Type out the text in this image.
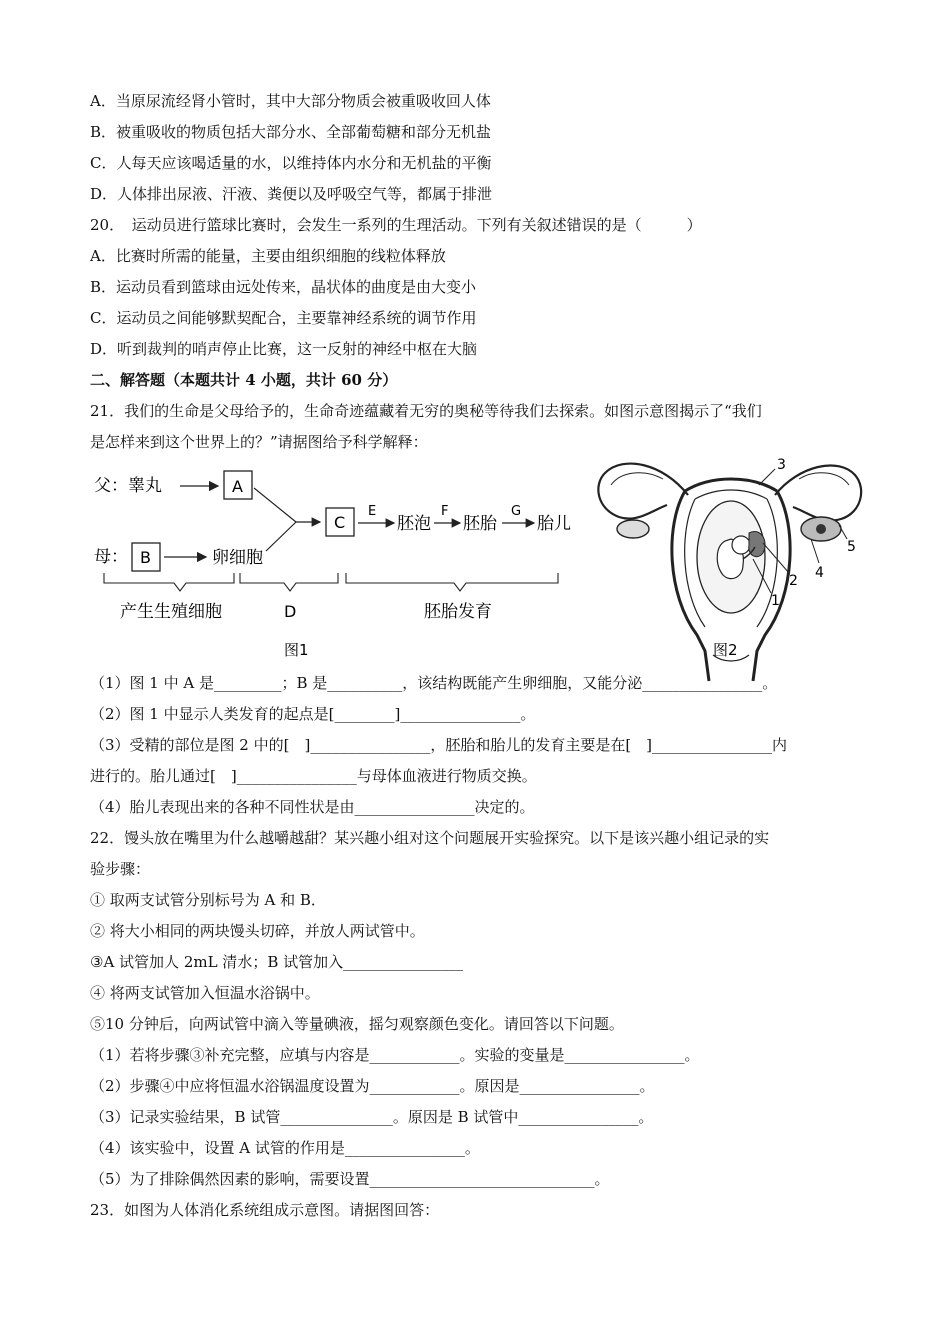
A．当原尿流经肾小管时，其中大部分物质会被重吸收回人体
B．被重吸收的物质包括大部分水、全部葡萄糖和部分无机盐
C．人每天应该喝适量的水，以维持体内水分和无机盐的平衡
D．人体排出尿液、汗液、粪便以及呼吸空气等，都属于排泄
20．　运动员进行篮球比赛时，会发生一系列的生理活动。下列有关叙述错误的是（　　　）
A．比赛时所需的能量，主要由组织细胞的线粒体释放
B．运动员看到篮球由远处传来，晶状体的曲度是由大变小
C．运动员之间能够默契配合，主要靠神经系统的调节作用
D．听到裁判的哨声停止比赛，这一反射的神经中枢在大脑
二、解答题（本题共计 4 小题，共计 60 分）
21．我们的生命是父母给予的，生命奇迹蕴藏着无穷的奥秘等待我们去探索。如图示意图揭示了“我们
是怎样来到这个世界上的？”请据图给予科学解释：
父：睾丸	A
母： B	卵细胞
C
E
胚泡
F
胚胎
G
胎儿
产生生殖细胞	D	胚胎发育
图1
1
2
3
4
5
图2
（1）图 1 中 A 是_________；B 是__________，该结构既能产生卵细胞，又能分泌________________。
（2）图 1 中显示人类发育的起点是[________]________________。
（3）受精的部位是图 2 中的[　]________________，胚胎和胎儿的发育主要是在[　]________________内
进行的。胎儿通过[　]________________与母体血液进行物质交换。
（4）胎儿表现出来的各种不同性状是由________________决定的。
22．馒头放在嘴里为什么越嚼越甜？某兴趣小组对这个问题展开实验探究。以下是该兴趣小组记录的实
验步骤：
① 取两支试管分别标号为 A 和 B．
② 将大小相同的两块馒头切碎，并放人两试管中。
③A 试管加人 2mL 清水；B 试管加入________________
④ 将两支试管加入恒温水浴锅中。
⑤10 分钟后，向两试管中滴入等量碘液，摇匀观察颜色变化。请回答以下问题。
（1）若将步骤③补充完整，应填与内容是____________。实验的变量是________________。
（2）步骤④中应将恒温水浴锅温度设置为____________。原因是________________。
（3）记录实验结果，B 试管_______________。原因是 B 试管中________________。
（4）该实验中，设置 A 试管的作用是________________。
（5）为了排除偶然因素的影响，需要设置______________________________。
23．如图为人体消化系统组成示意图。请据图回答：
